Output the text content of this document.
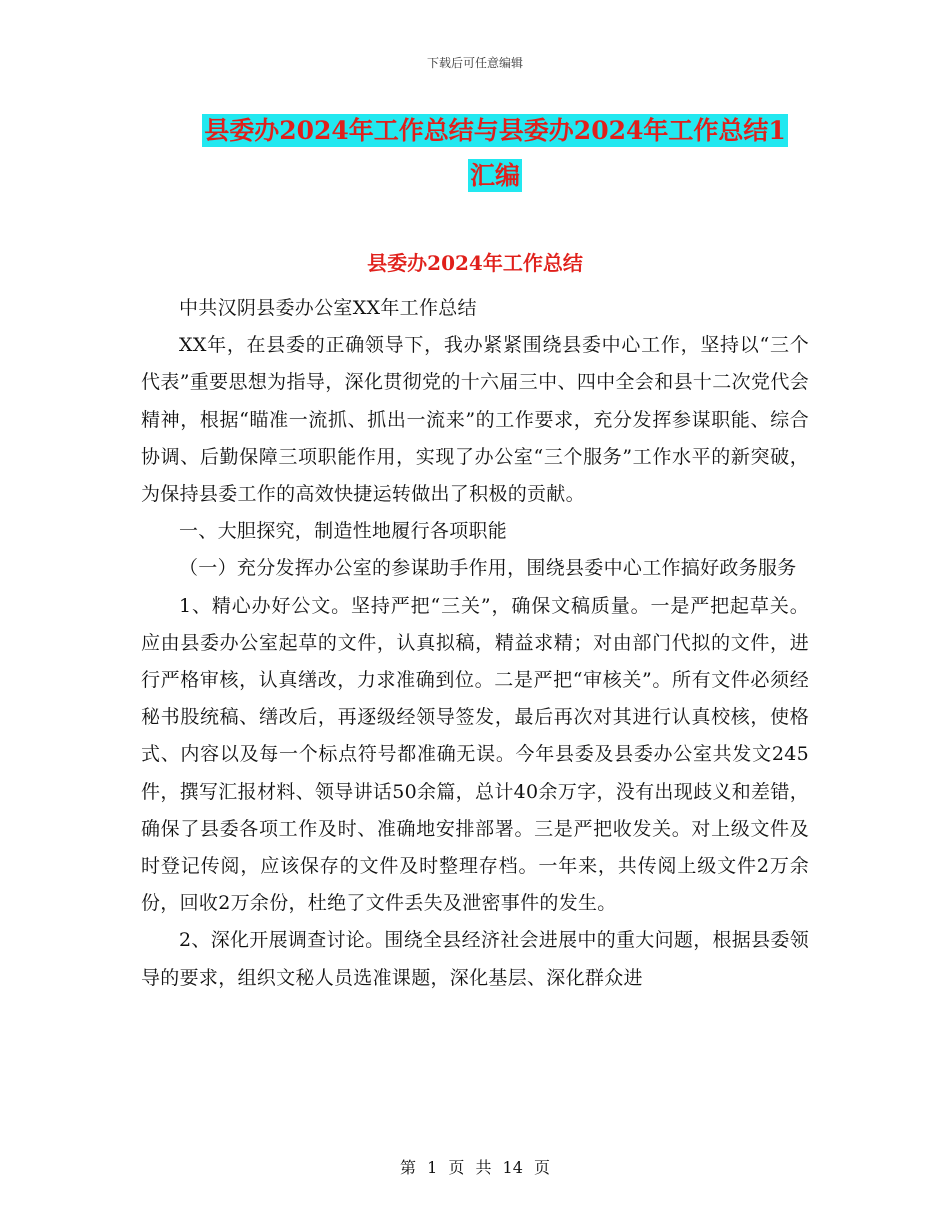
下载后可任意编辑
县委办2024年工作总结与县委办2024年工作总结1
汇编
县委办2024年工作总结

中共汉阴县委办公室XX年工作总结

XX年，在县委的正确领导下，我办紧紧围绕县委中心工作，坚持以“三个代表”重要思想为指导，深化贯彻党的十六届三中、四中全会和县十二次党代会精神，根据“瞄准一流抓、抓出一流来”的工作要求，充分发挥参谋职能、综合协调、后勤保障三项职能作用，实现了办公室“三个服务”工作水平的新突破，为保持县委工作的高效快捷运转做出了积极的贡献。

一、大胆探究，制造性地履行各项职能

（一）充分发挥办公室的参谋助手作用，围绕县委中心工作搞好政务服务

1、精心办好公文。坚持严把“三关”，确保文稿质量。一是严把起草关。应由县委办公室起草的文件，认真拟稿，精益求精；对由部门代拟的文件，进行严格审核，认真缮改，力求准确到位。二是严把“审核关”。所有文件必须经秘书股统稿、缮改后，再逐级经领导签发，最后再次对其进行认真校核，使格式、内容以及每一个标点符号都准确无误。今年县委及县委办公室共发文245件，撰写汇报材料、领导讲话50余篇，总计40余万字，没有出现歧义和差错，确保了县委各项工作及时、准确地安排部署。三是严把收发关。对上级文件及时登记传阅，应该保存的文件及时整理存档。一年来，共传阅上级文件2万余份，回收2万余份，杜绝了文件丢失及泄密事件的发生。

2、深化开展调查讨论。围绕全县经济社会进展中的重大问题，根据县委领导的要求，组织文秘人员选准课题，深化基层、深化群众进

第 1 页 共 14 页
